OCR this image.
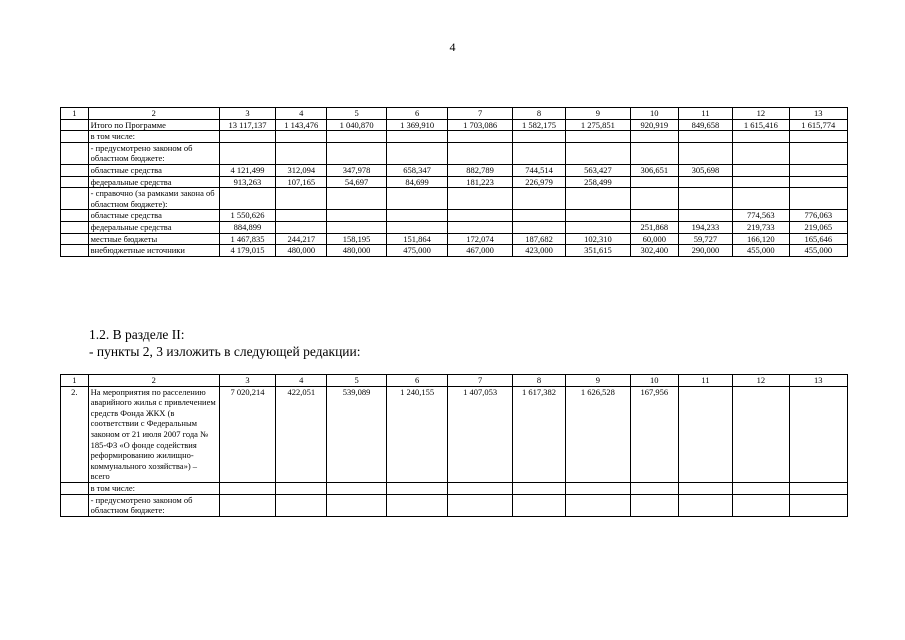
4
1	2	3	4	5	6	7	8	9	10	11	12	13
	Итого по Программе	13 117,137	1 143,476	1 040,870	1 369,910	1 703,086	1 582,175	1 275,851	920,919	849,658	1 615,416	1 615,774
	в том числе:											
	- предусмотрено законом об областном бюджете:											
	областные средства	4 121,499	312,094	347,978	658,347	882,789	744,514	563,427	306,651	305,698		
	федеральные средства	913,263	107,165	54,697	84,699	181,223	226,979	258,499				
	- справочно (за рамками закона об областном бюджете):											
	областные средства	1 550,626									774,563	776,063
	федеральные средства	884,899							251,868	194,233	219,733	219,065
	местные бюджеты	1 467,835	244,217	158,195	151,864	172,074	187,682	102,310	60,000	59,727	166,120	165,646
	внебюджетные источники	4 179,015	480,000	480,000	475,000	467,000	423,000	351,615	302,400	290,000	455,000	455,000
1.2. В разделе II:
- пункты 2, 3 изложить в следующей редакции:
1	2	3	4	5	6	7	8	9	10	11	12	13
2.	На мероприятия по расселению аварийного жилья с привлечением средств Фонда ЖКХ (в соответствии с Федеральным законом от 21 июля 2007 года № 185-ФЗ «О фонде содействия реформированию жилищно-коммунального хозяйства») – всего	7 020,214	422,051	539,089	1 240,155	1 407,053	1 617,382	1 626,528	167,956			
	в том числе:											
	- предусмотрено законом об областном бюджете:											
